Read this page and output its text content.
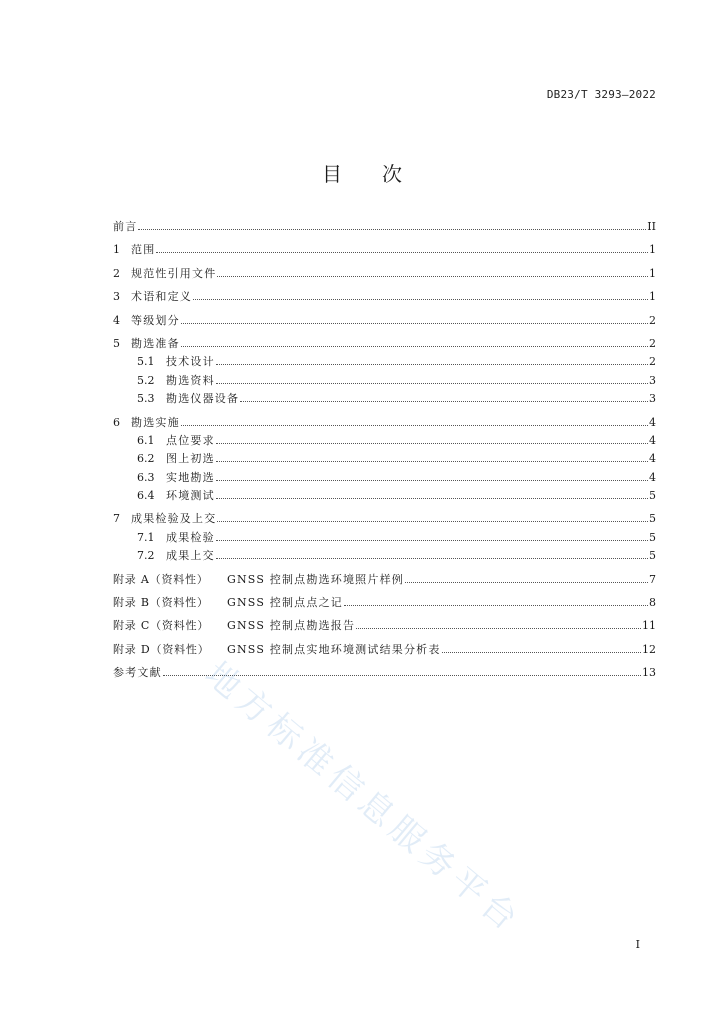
DB23/T 3293—2022
目 次
前言	II
1	范围	1
2	规范性引用文件	1
3	术语和定义	1
4	等级划分	2
5	勘选准备	2
5.1	技术设计	2
5.2	勘选资料	3
5.3	勘选仪器设备	3
6	勘选实施	4
6.1	点位要求	4
6.2	图上初选	4
6.3	实地勘选	4
6.4	环境测试	5
7	成果检验及上交	5
7.1	成果检验	5
7.2	成果上交	5
附录 A（资料性）	GNSS 控制点勘选环境照片样例	7
附录 B（资料性）	GNSS 控制点点之记	8
附录 C（资料性）	GNSS 控制点勘选报告	11
附录 D（资料性）	GNSS 控制点实地环境测试结果分析表	12
参考文献	13
地方标准信息服务平台
I
